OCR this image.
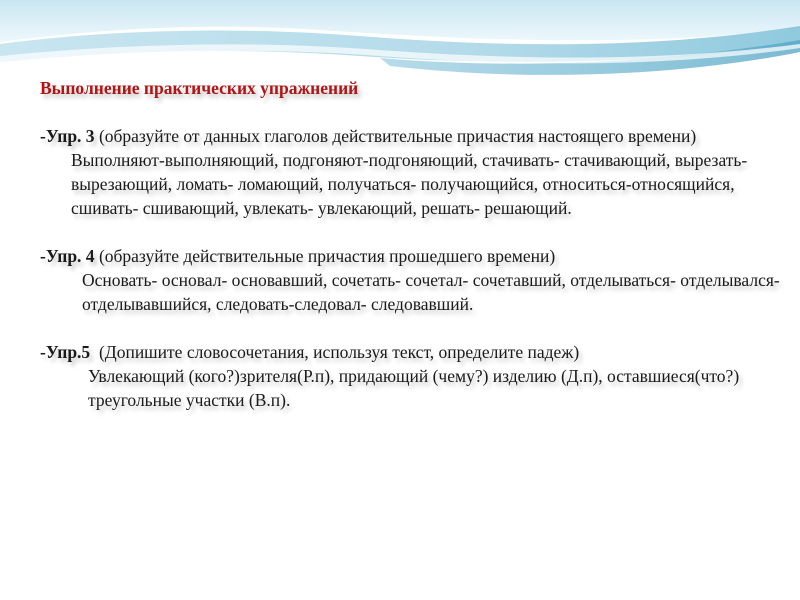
Выполнение практических упражнений

-Упр. 3 (образуйте от данных глаголов действительные причастия настоящего времени)

Выполняют-выполняющий, подгоняют-подгоняющий, стачивать- стачивающий, вырезать- вырезающий, ломать- ломающий, получаться- получающийся, относиться-относящийся, сшивать- сшивающий, увлекать- увлекающий, решать- решающий.

-Упр. 4 (образуйте действительные причастия прошедшего времени)

Основать- основал- основавший, сочетать- сочетал- сочетавший, отделываться- отделывался- отделывавшийся, следовать-следовал- следовавший.

-Упр.5  (Допишите словосочетания, используя текст, определите падеж)

Увлекающий (кого?)зрителя(Р.п), придающий (чему?) изделию (Д.п), оставшиеся(что?) треугольные участки (В.п).
